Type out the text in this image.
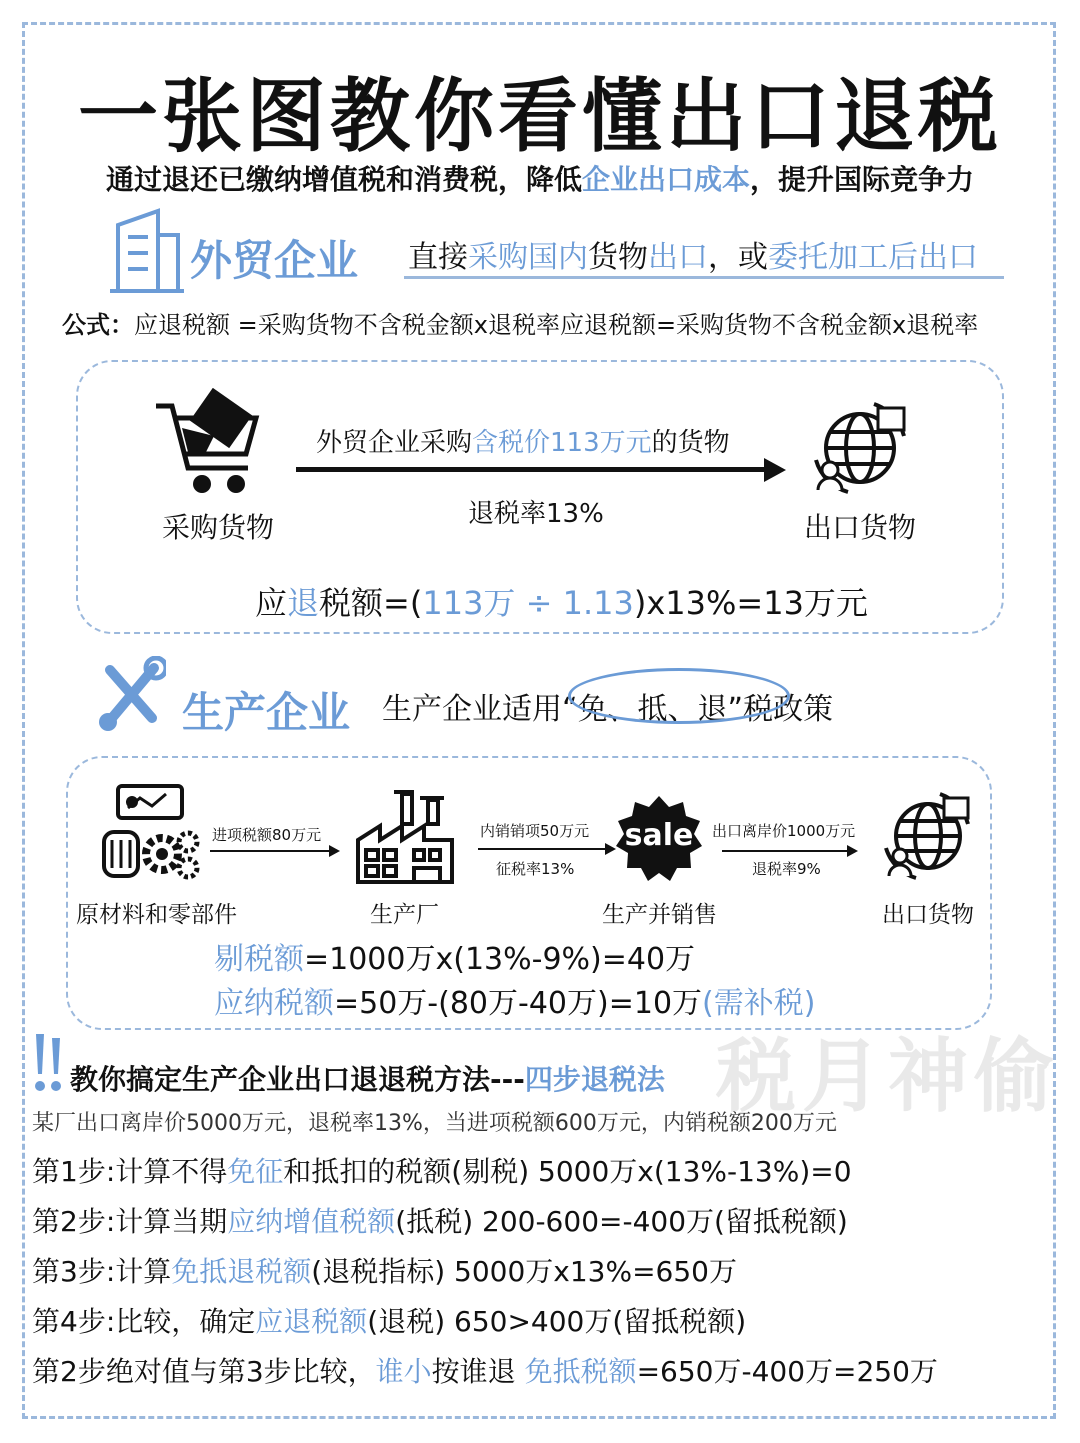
一张图教你看懂出口退税
通过退还已缴纳增值税和消费税，降低企业出口成本，提升国际竞争力
外贸企业 直接采购国内货物出口，或委托加工后出口
公式：应退税额 =采购货物不含税金额x退税率应退税额=采购货物不含税金额x退税率
采购货物
外贸企业采购含税价113万元的货物
退税率13%	出口货物
应退税额=(113万 ÷ 1.13)x13%=13万元
生产企业 生产企业适用“免、抵、退”税政策
原材料和零部件
进项税额80万元
生产厂
内销销项50万元
征税率13%
sale
生产并销售
出口离岸价1000万元
退税率9%
出口货物
剔税额=1000万x(13%-9%)=40万
应纳税额=50万-(80万-40万)=10万(需补税)
税月神偷
教你搞定生产企业出口退退税方法---四步退税法
某厂出口离岸价5000万元，退税率13%，当进项税额600万元，内销税额200万元
第1步:计算不得免征和抵扣的税额(剔税) 5000万x(13%-13%)=0
第2步:计算当期应纳增值税额(抵税) 200-600=-400万(留抵税额)
第3步:计算免抵退税额(退税指标) 5000万x13%=650万
第4步:比较，确定应退税额(退税) 650>400万(留抵税额)
第2步绝对值与第3步比较，谁小按谁退 免抵税额=650万-400万=250万
